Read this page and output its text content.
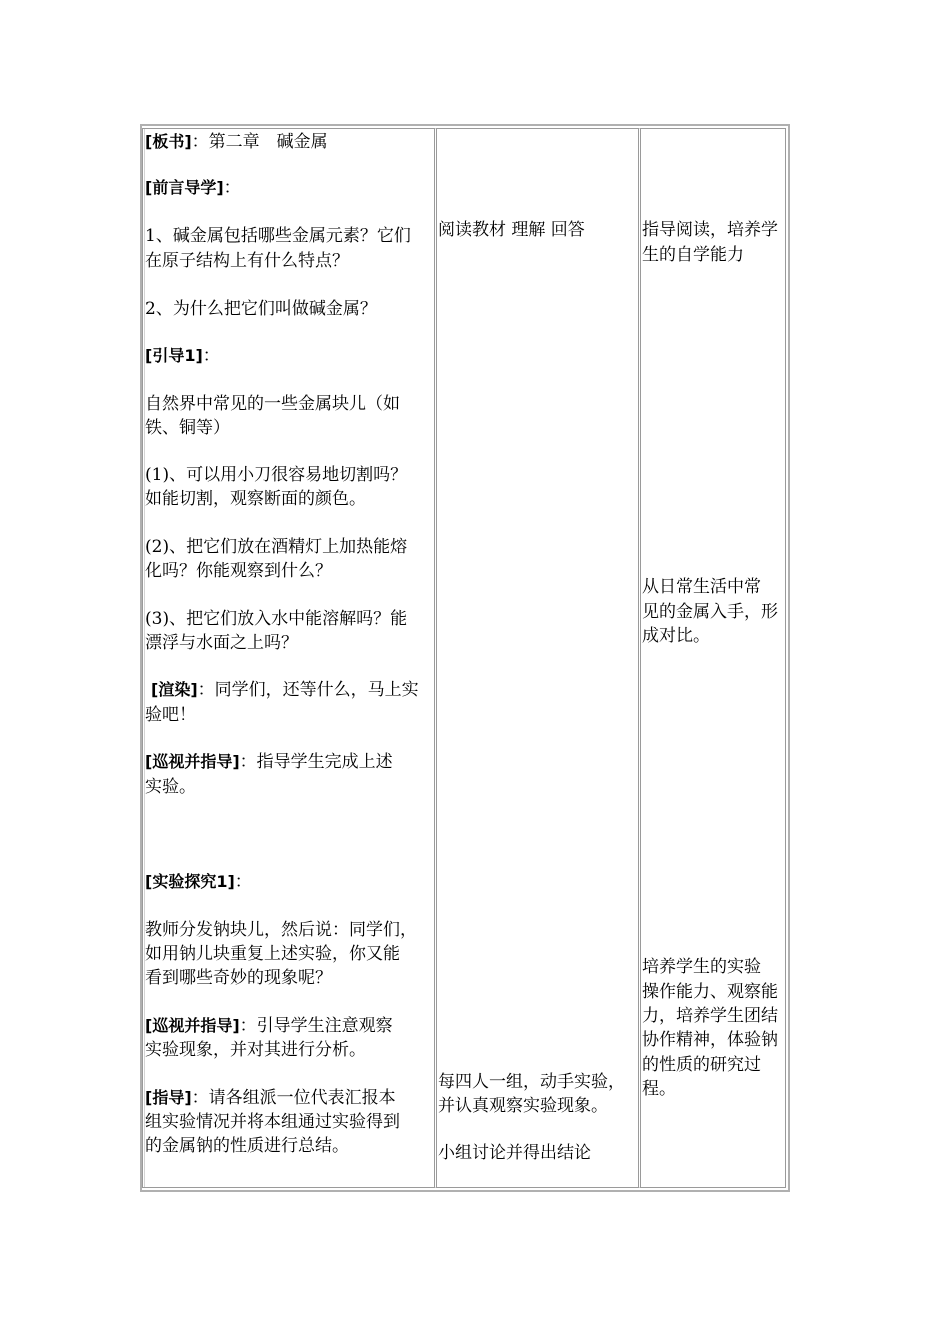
[板书]：第二章　碱金属
[前言导学]：
1、碱金属包括哪些金属元素？它们
在原子结构上有什么特点？
2、为什么把它们叫做碱金属？
[引导1]：
自然界中常见的一些金属块儿（如
铁、铜等）
(1)、可以用小刀很容易地切割吗？
如能切割，观察断面的颜色。
(2)、把它们放在酒精灯上加热能熔
化吗？你能观察到什么？
(3)、把它们放入水中能溶解吗？能
漂浮与水面之上吗？
[渲染]：同学们，还等什么，马上实
验吧！
[巡视并指导]：指导学生完成上述
实验。
[实验探究1]：
教师分发钠块儿，然后说：同学们，
如用钠儿块重复上述实验，你又能
看到哪些奇妙的现象呢？
[巡视并指导]：引导学生注意观察
实验现象，并对其进行分析。
[指导]：请各组派一位代表汇报本
组实验情况并将本组通过实验得到
的金属钠的性质进行总结。
阅读教材 理解 回答
每四人一组，动手实验，
并认真观察实验现象。
小组讨论并得出结论
指导阅读，培养学
生的自学能力
从日常生活中常
见的金属入手，形
成对比。
培养学生的实验
操作能力、观察能
力，培养学生团结
协作精神，体验钠
的性质的研究过
程。
